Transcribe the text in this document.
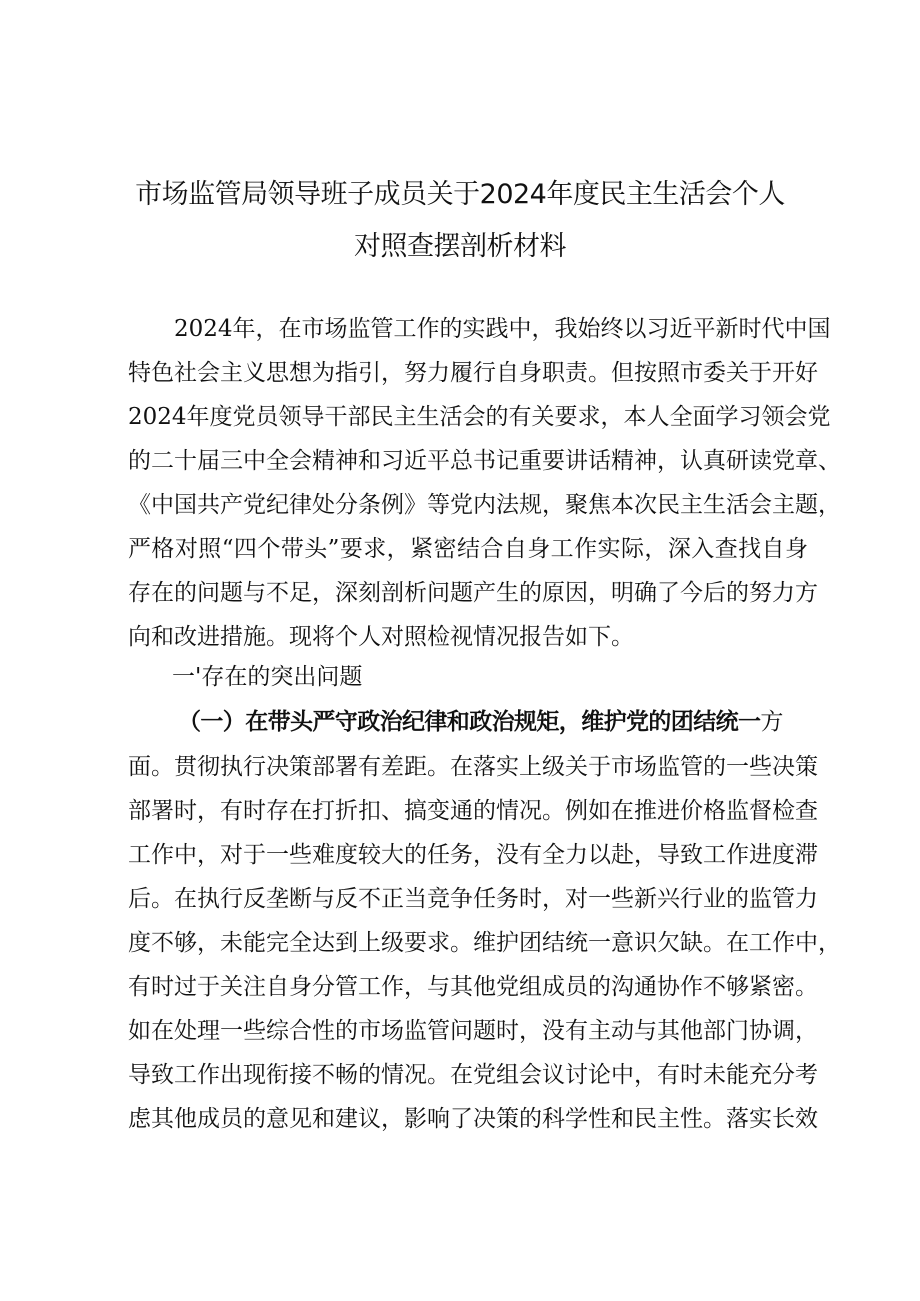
市场监管局领导班子成员关于2024年度民主生活会个人
对照查摆剖析材料
2024年，在市场监管工作的实践中，我始终以习近平新时代中国
特色社会主义思想为指引，努力履行自身职责。但按照市委关于开好
2024年度党员领导干部民主生活会的有关要求，本人全面学习领会党
的二十届三中全会精神和习近平总书记重要讲话精神，认真研读党章、
《中国共产党纪律处分条例》等党内法规，聚焦本次民主生活会主题，
严格对照“四个带头”要求，紧密结合自身工作实际，深入查找自身
存在的问题与不足，深刻剖析问题产生的原因，明确了今后的努力方
向和改进措施。现将个人对照检视情况报告如下。
一'存在的突出问题
（一）在带头严守政治纪律和政治规矩，维护党的团结统一方
面。贯彻执行决策部署有差距。在落实上级关于市场监管的一些决策
部署时，有时存在打折扣、搞变通的情况。例如在推进价格监督检查
工作中，对于一些难度较大的任务，没有全力以赴，导致工作进度滞
后。在执行反垄断与反不正当竞争任务时，对一些新兴行业的监管力
度不够，未能完全达到上级要求。维护团结统一意识欠缺。在工作中，
有时过于关注自身分管工作，与其他党组成员的沟通协作不够紧密。
如在处理一些综合性的市场监管问题时，没有主动与其他部门协调，
导致工作出现衔接不畅的情况。在党组会议讨论中，有时未能充分考
虑其他成员的意见和建议，影响了决策的科学性和民主性。落实长效
